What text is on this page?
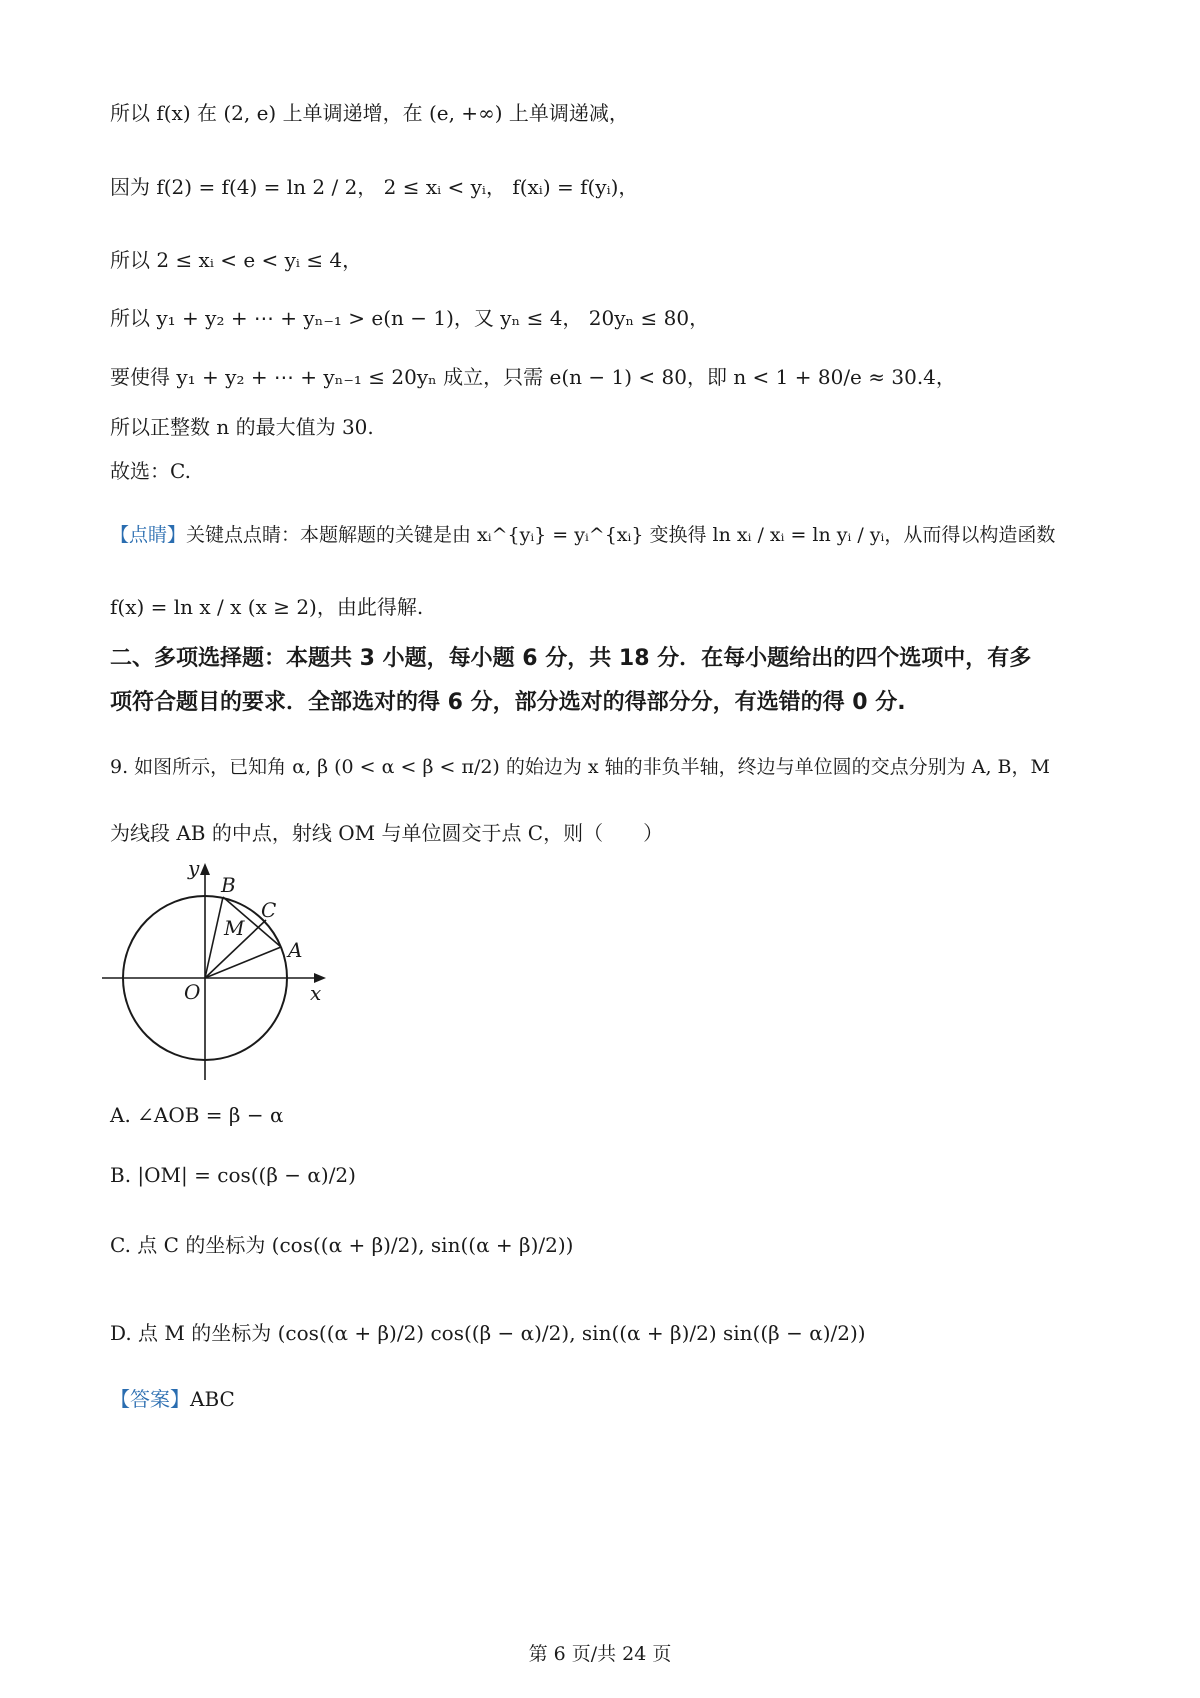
所以 f(x) 在 (2, e) 上单调递增，在 (e, +∞) 上单调递减，
因为 f(2) = f(4) = ln 2 / 2， 2 ≤ xᵢ < yᵢ， f(xᵢ) = f(yᵢ)，
所以 2 ≤ xᵢ < e < yᵢ ≤ 4，
所以 y₁ + y₂ + ⋯ + yₙ₋₁ > e(n − 1)，又 yₙ ≤ 4， 20yₙ ≤ 80，
要使得 y₁ + y₂ + ⋯ + yₙ₋₁ ≤ 20yₙ 成立，只需 e(n − 1) < 80，即 n < 1 + 80/e ≈ 30.4，
所以正整数 n 的最大值为 30.
故选：C.
【点睛】关键点点睛：本题解题的关键是由 xᵢ^{yᵢ} = yᵢ^{xᵢ} 变换得 ln xᵢ / xᵢ = ln yᵢ / yᵢ，从而得以构造函数
f(x) = ln x / x (x ≥ 2)，由此得解.
二、多项选择题：本题共 3 小题，每小题 6 分，共 18 分．在每小题给出的四个选项中，有多
项符合题目的要求．全部选对的得 6 分，部分选对的得部分分，有选错的得 0 分.
9. 如图所示，已知角 α, β (0 < α < β < π/2) 的始边为 x 轴的非负半轴，终边与单位圆的交点分别为 A, B，M
为线段 AB 的中点，射线 OM 与单位圆交于点 C，则（　　）
y
x
O
A
B
C
M
A. ∠AOB = β − α
B. |OM| = cos((β − α)/2)
C. 点 C 的坐标为 (cos((α + β)/2), sin((α + β)/2))
D. 点 M 的坐标为 (cos((α + β)/2) cos((β − α)/2), sin((α + β)/2) sin((β − α)/2))
【答案】ABC
第 6 页/共 24 页
